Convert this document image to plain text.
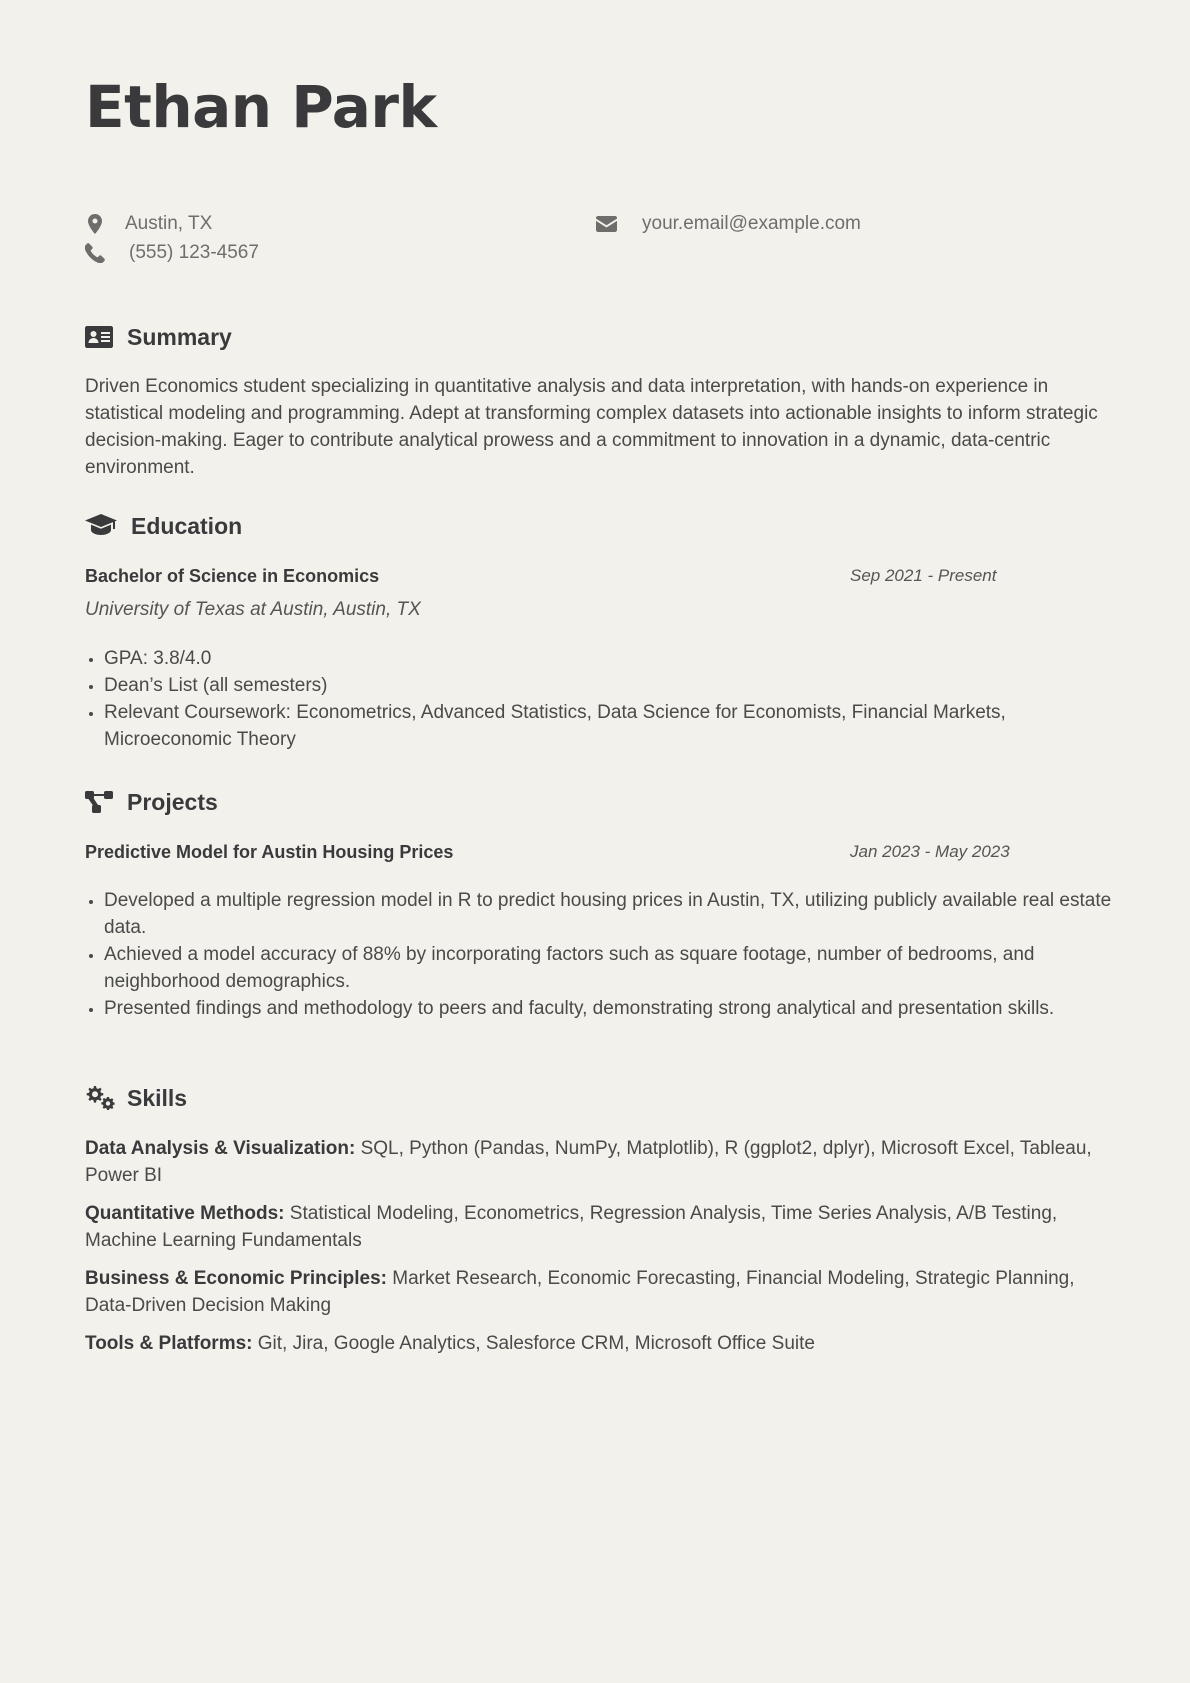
Ethan Park
Austin, TX
(555) 123-4567
your.email@example.com
Summary

Driven Economics student specializing in quantitative analysis and data interpretation, with hands-on experience in statistical modeling and programming. Adept at transforming complex datasets into actionable insights to inform strategic decision-making. Eager to contribute analytical prowess and a commitment to innovation in a dynamic, data-centric environment.

Education
Bachelor of Science in Economics	Sep 2021 - Present
University of Texas at Austin, Austin, TX
• GPA: 3.8/4.0
• Dean’s List (all semesters)
• Relevant Coursework: Econometrics, Advanced Statistics, Data Science for Economists, Financial Markets, Microeconomic Theory
Projects
Predictive Model for Austin Housing Prices	Jan 2023 - May 2023
• Developed a multiple regression model in R to predict housing prices in Austin, TX, utilizing publicly available real estate data.
• Achieved a model accuracy of 88% by incorporating factors such as square footage, number of bedrooms, and neighborhood demographics.
• Presented findings and methodology to peers and faculty, demonstrating strong analytical and presentation skills.
Skills

Data Analysis & Visualization: SQL, Python (Pandas, NumPy, Matplotlib), R (ggplot2, dplyr), Microsoft Excel, Tableau, Power BI

Quantitative Methods: Statistical Modeling, Econometrics, Regression Analysis, Time Series Analysis, A/B Testing, Machine Learning Fundamentals

Business & Economic Principles: Market Research, Economic Forecasting, Financial Modeling, Strategic Planning, Data-Driven Decision Making

Tools & Platforms: Git, Jira, Google Analytics, Salesforce CRM, Microsoft Office Suite
